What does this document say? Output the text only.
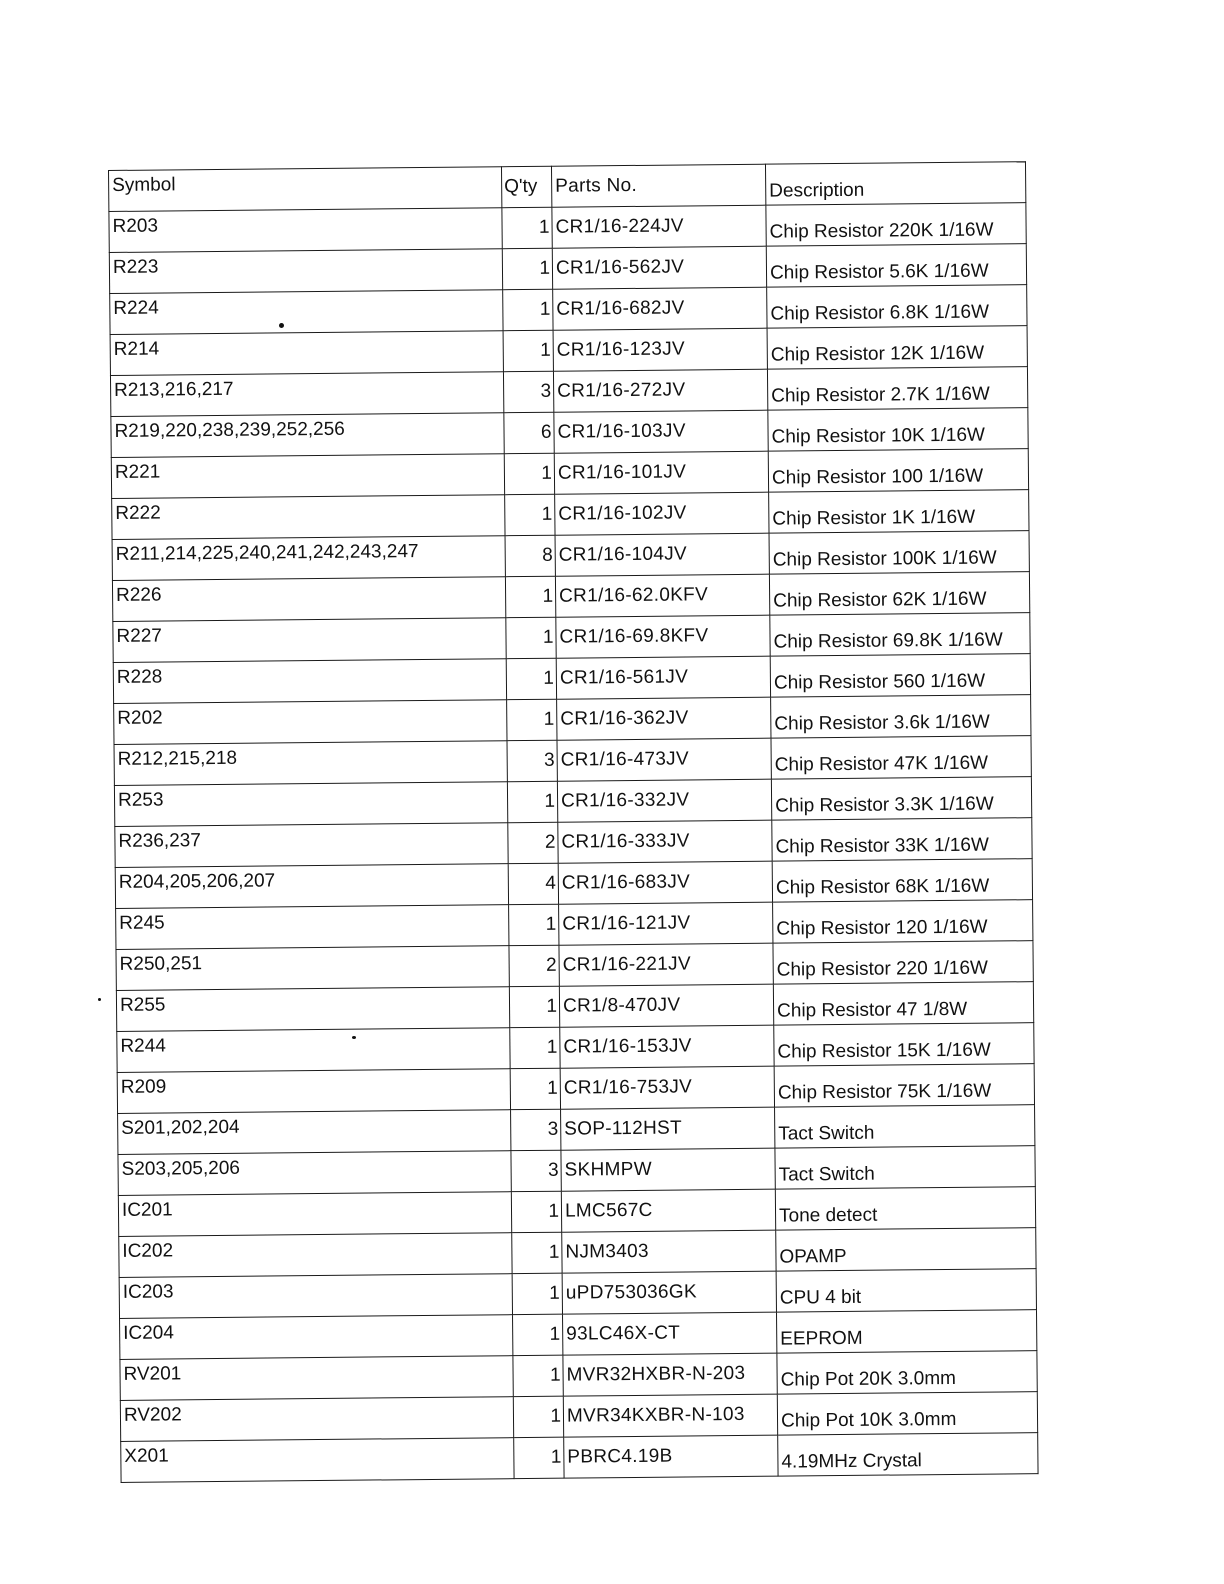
Symbol	Q'ty	Parts No.	Description
R203	1	CR1/16-224JV	Chip Resistor 220K 1/16W
R223	1	CR1/16-562JV	Chip Resistor 5.6K 1/16W
R224	1	CR1/16-682JV	Chip Resistor 6.8K 1/16W
R214	1	CR1/16-123JV	Chip Resistor 12K 1/16W
R213,216,217	3	CR1/16-272JV	Chip Resistor 2.7K 1/16W
R219,220,238,239,252,256	6	CR1/16-103JV	Chip Resistor 10K 1/16W
R221	1	CR1/16-101JV	Chip Resistor 100 1/16W
R222	1	CR1/16-102JV	Chip Resistor 1K 1/16W
R211,214,225,240,241,242,243,247	8	CR1/16-104JV	Chip Resistor 100K 1/16W
R226	1	CR1/16-62.0KFV	Chip Resistor 62K 1/16W
R227	1	CR1/16-69.8KFV	Chip Resistor 69.8K 1/16W
R228	1	CR1/16-561JV	Chip Resistor 560 1/16W
R202	1	CR1/16-362JV	Chip Resistor 3.6k 1/16W
R212,215,218	3	CR1/16-473JV	Chip Resistor 47K 1/16W
R253	1	CR1/16-332JV	Chip Resistor 3.3K 1/16W
R236,237	2	CR1/16-333JV	Chip Resistor 33K 1/16W
R204,205,206,207	4	CR1/16-683JV	Chip Resistor 68K 1/16W
R245	1	CR1/16-121JV	Chip Resistor 120 1/16W
R250,251	2	CR1/16-221JV	Chip Resistor 220 1/16W
R255	1	CR1/8-470JV	Chip Resistor 47 1/8W
R244	1	CR1/16-153JV	Chip Resistor 15K 1/16W
R209	1	CR1/16-753JV	Chip Resistor 75K 1/16W
S201,202,204	3	SOP-112HST	Tact Switch
S203,205,206	3	SKHMPW	Tact Switch
IC201	1	LMC567C	Tone detect
IC202	1	NJM3403	OPAMP
IC203	1	uPD753036GK	CPU 4 bit
IC204	1	93LC46X-CT	EEPROM
RV201	1	MVR32HXBR-N-203	Chip Pot 20K 3.0mm
RV202	1	MVR34KXBR-N-103	Chip Pot 10K 3.0mm
X201	1	PBRC4.19B	4.19MHz Crystal
